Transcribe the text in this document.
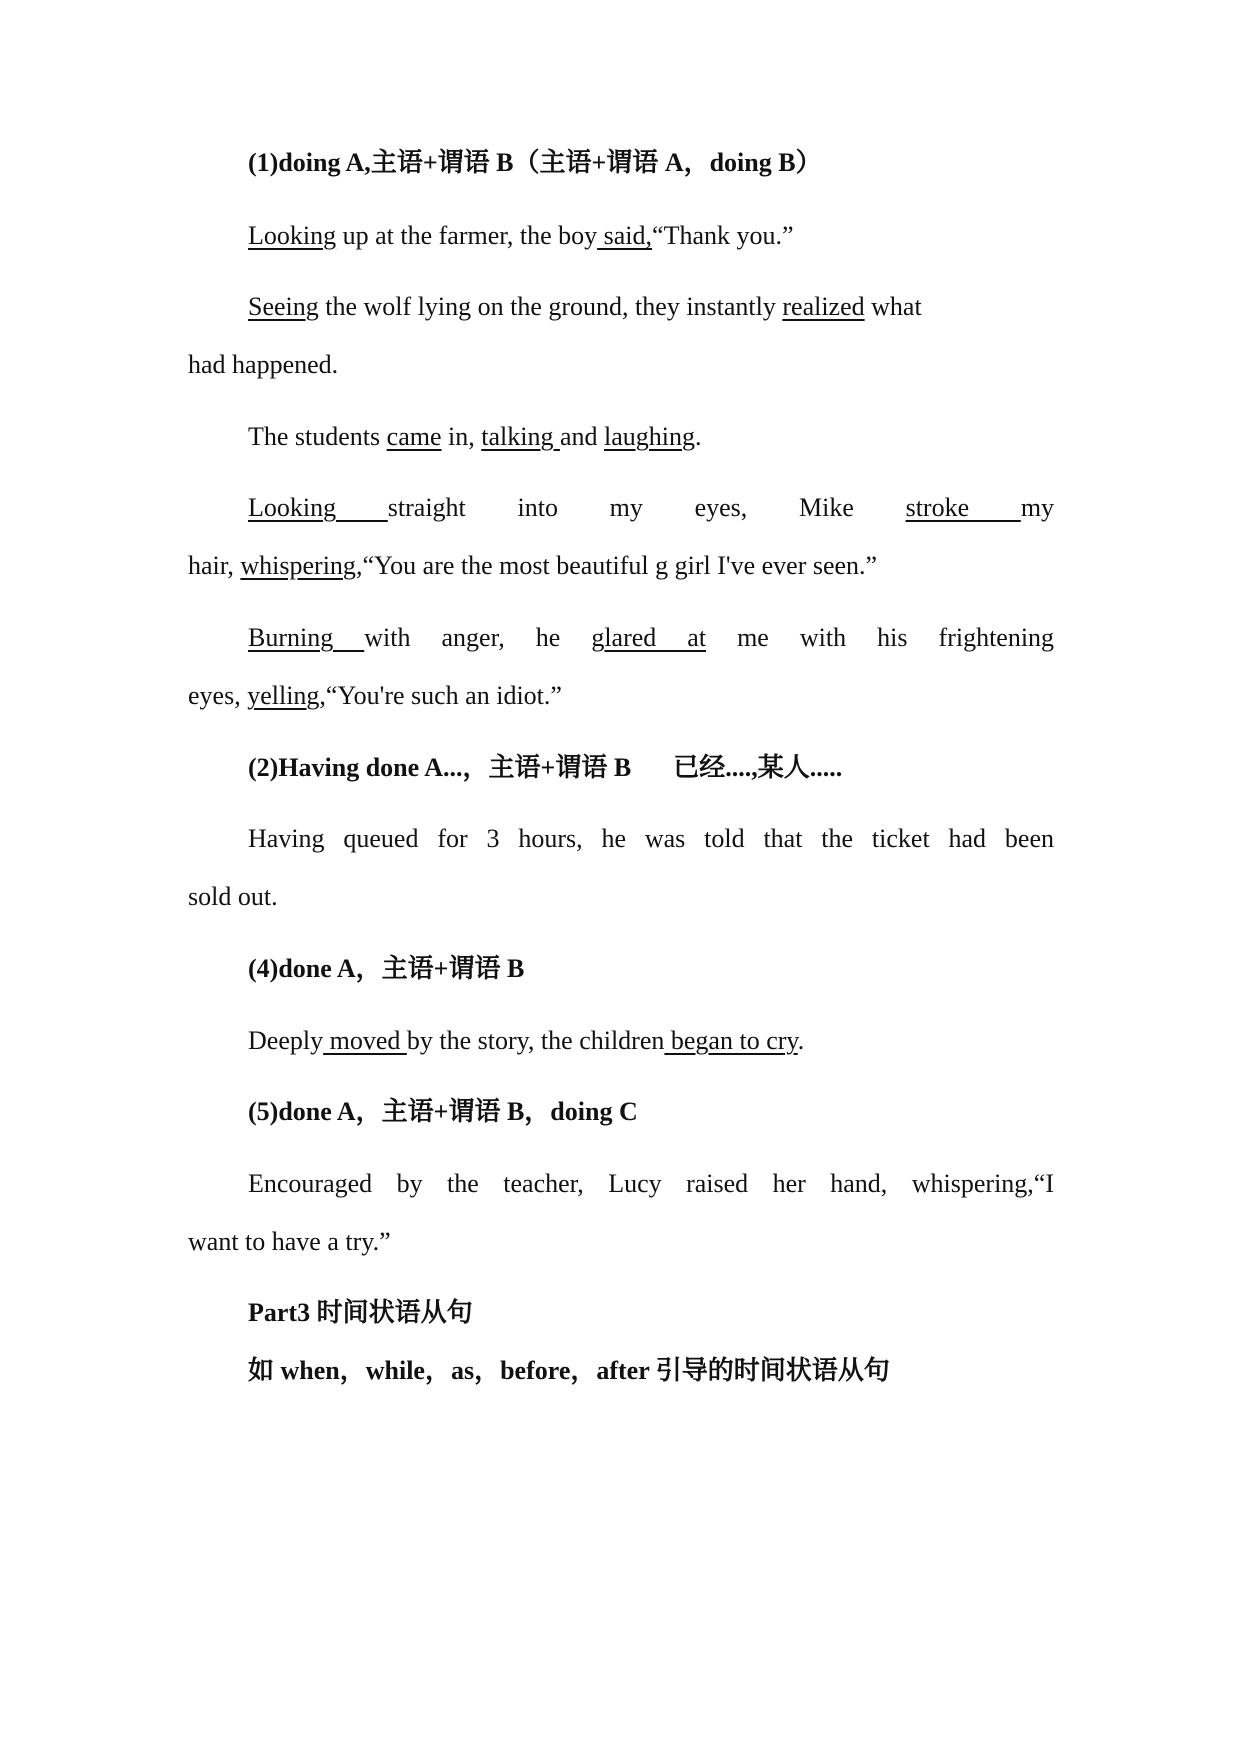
(1)doing A,主语+谓语 B（主语+谓语 A，doing B）
Looking up at the farmer, the boy said,“Thank you.”
Seeing the wolf lying on the ground, they instantly realized what
had happened.
The students came in, talking and laughing.
Looking straight into my eyes, Mike stroke my
hair, whispering,“You are the most beautiful g girl I've ever seen.”
Burning with anger, he glared at me with his frightening
eyes, yelling,“You're such an idiot.”
(2)Having done A...，主语+谓语 B 已经....,某人.....
Having queued for 3 hours, he was told that the ticket had been
sold out.
(4)done A，主语+谓语 B
Deeply moved by the story, the children began to cry.
(5)done A，主语+谓语 B，doing C
Encouraged by the teacher, Lucy raised her hand, whispering,“I
want to have a try.”
Part3 时间状语从句
如 when，while，as，before，after 引导的时间状语从句
